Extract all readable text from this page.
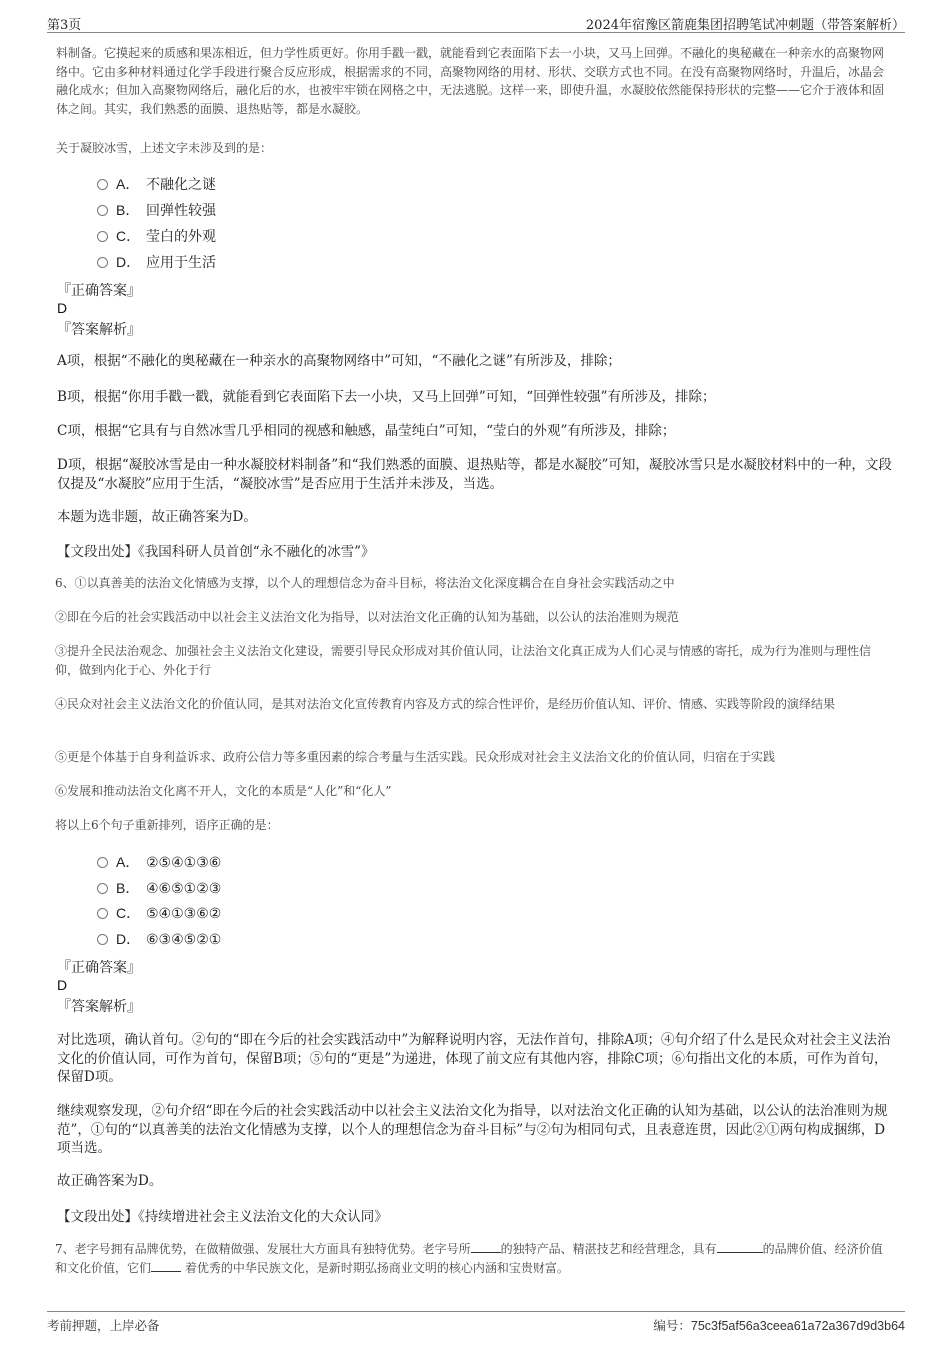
第3页	2024年宿豫区箭鹿集团招聘笔试冲刺题（带答案解析）

料制备。它摸起来的质感和果冻相近，但力学性质更好。你用手戳一戳，就能看到它表面陷下去一小块，又马上回弹。不融化的奥秘藏在一种亲水的高聚物网络中。它由多种材料通过化学手段进行聚合反应形成，根据需求的不同，高聚物网络的用材、形状、交联方式也不同。在没有高聚物网络时，升温后，冰晶会融化成水；但加入高聚物网络后，融化后的水，也被牢牢锁在网格之中，无法逃脱。这样一来，即使升温，水凝胶依然能保持形状的完整——它介于液体和固体之间。其实，我们熟悉的面膜、退热贴等，都是水凝胶。

关于凝胶冰雪，上述文字未涉及到的是：

A． 不融化之谜
B． 回弹性较强
C． 莹白的外观
D． 应用于生活
『正确答案』
D
『答案解析』

A项，根据“不融化的奥秘藏在一种亲水的高聚物网络中”可知，“不融化之谜”有所涉及，排除；

B项，根据“你用手戳一戳，就能看到它表面陷下去一小块，又马上回弹”可知，“回弹性较强”有所涉及，排除；

C项，根据“它具有与自然冰雪几乎相同的视感和触感，晶莹纯白”可知，“莹白的外观”有所涉及，排除；

D项，根据“凝胶冰雪是由一种水凝胶材料制备”和“我们熟悉的面膜、退热贴等，都是水凝胶”可知，凝胶冰雪只是水凝胶材料中的一种，文段仅提及“水凝胶”应用于生活，“凝胶冰雪”是否应用于生活并未涉及，当选。

本题为选非题，故正确答案为D。

【文段出处】《我国科研人员首创“永不融化的冰雪”》

6、①以真善美的法治文化情感为支撑，以个人的理想信念为奋斗目标，将法治文化深度耦合在自身社会实践活动之中

②即在今后的社会实践活动中以社会主义法治文化为指导，以对法治文化正确的认知为基础，以公认的法治准则为规范

③提升全民法治观念、加强社会主义法治文化建设，需要引导民众形成对其价值认同，让法治文化真正成为人们心灵与情感的寄托，成为行为准则与理性信仰，做到内化于心、外化于行

④民众对社会主义法治文化的价值认同，是其对法治文化宣传教育内容及方式的综合性评价，是经历价值认知、评价、情感、实践等阶段的演绎结果

⑤更是个体基于自身利益诉求、政府公信力等多重因素的综合考量与生活实践。民众形成对社会主义法治文化的价值认同，归宿在于实践

⑥发展和推动法治文化离不开人，文化的本质是“人化”和“化人”

将以上6个句子重新排列，语序正确的是：

A． ②⑤④①③⑥
B． ④⑥⑤①②③
C． ⑤④①③⑥②
D． ⑥③④⑤②①
『正确答案』
D
『答案解析』

对比选项，确认首句。②句的“即在今后的社会实践活动中”为解释说明内容，无法作首句，排除A项；④句介绍了什么是民众对社会主义法治文化的价值认同，可作为首句，保留B项；⑤句的“更是”为递进，体现了前文应有其他内容，排除C项；⑥句指出文化的本质，可作为首句，保留D项。

继续观察发现，②句介绍“即在今后的社会实践活动中以社会主义法治文化为指导，以对法治文化正确的认知为基础，以公认的法治准则为规范”，①句的“以真善美的法治文化情感为支撑，以个人的理想信念为奋斗目标”与②句为相同句式，且表意连贯，因此②①两句构成捆绑，D项当选。

故正确答案为D。

【文段出处】《持续增进社会主义法治文化的大众认同》

7、老字号拥有品牌优势，在做精做强、发展壮大方面具有独特优势。老字号所	的独特产品、精湛技艺和经营理念，具有	的品牌价值、经济价值和文化价值，它们	着优秀的中华民族文化，是新时期弘扬商业文明的核心内涵和宝贵财富。

考前押题，上岸必备	编号：75c3f5af56a3ceea61a72a367d9d3b64
